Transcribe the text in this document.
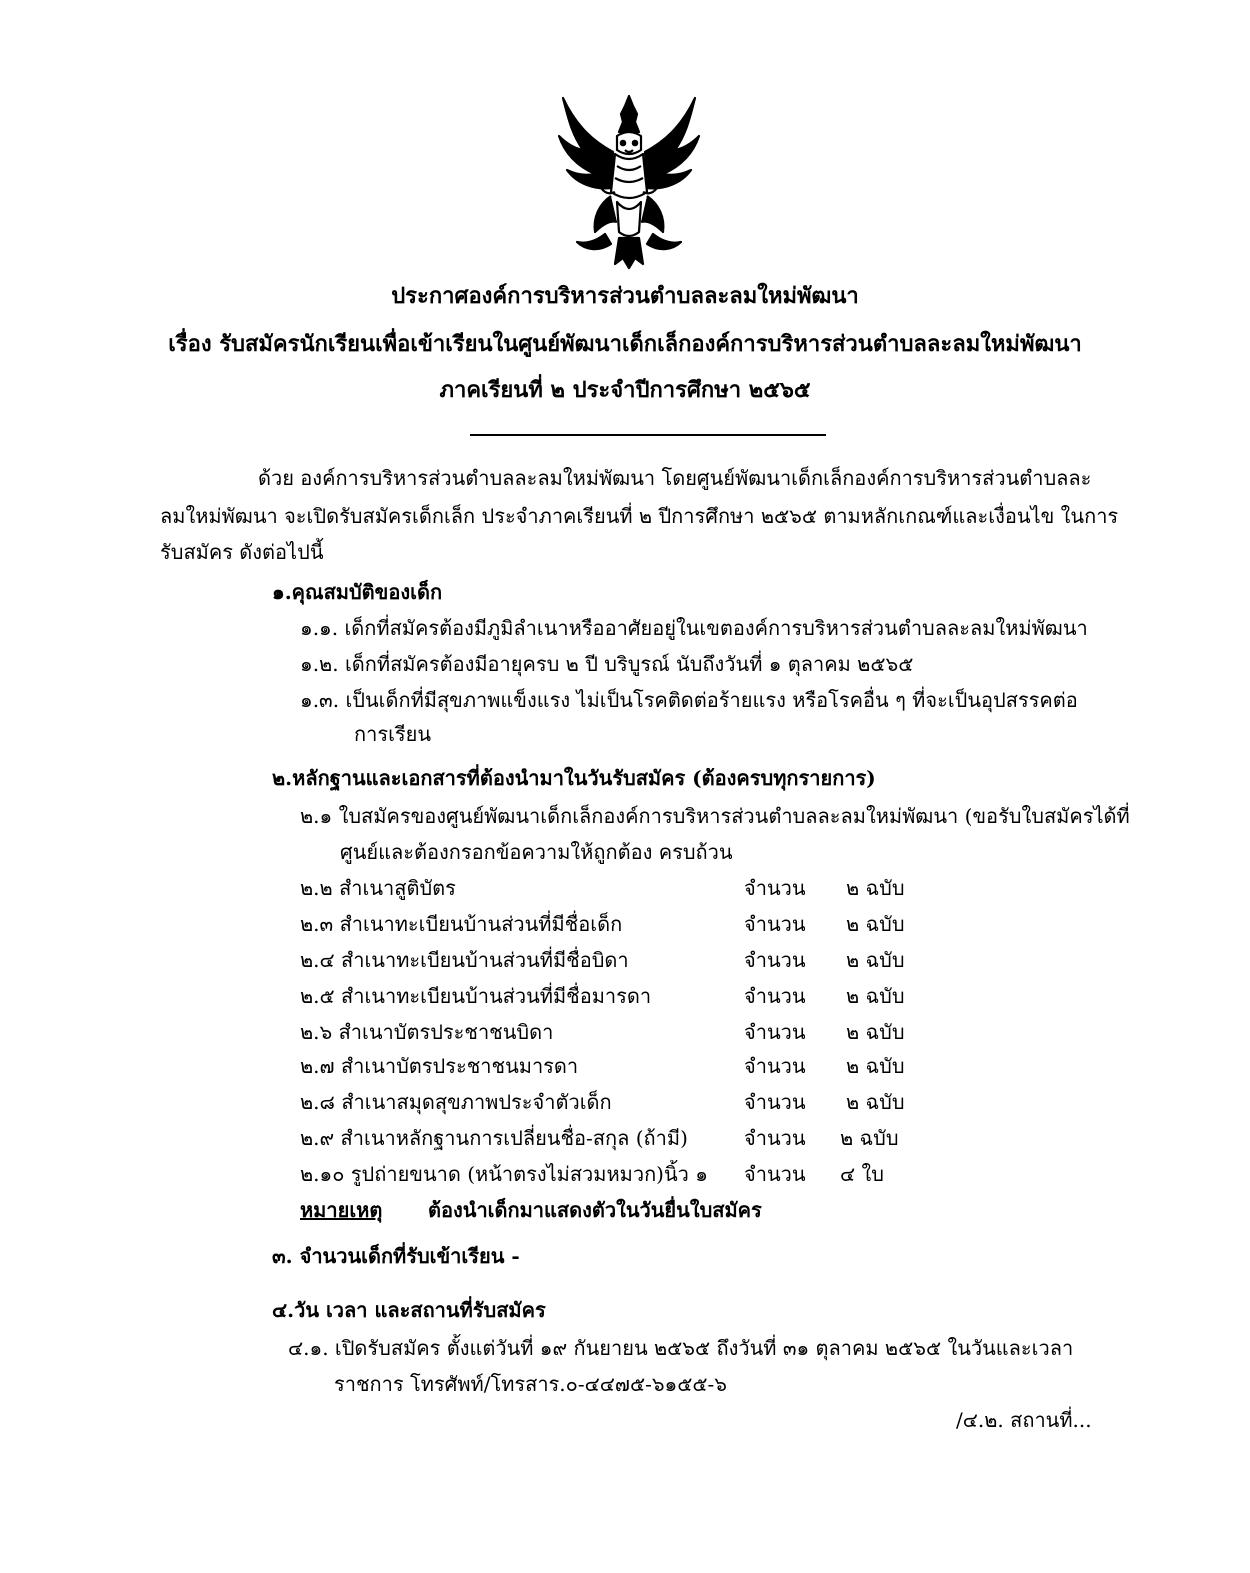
ประกาศองค์การบริหารส่วนตำบลละลมใหม่พัฒนา
เรื่อง รับสมัครนักเรียนเพื่อเข้าเรียนในศูนย์พัฒนาเด็กเล็กองค์การบริหารส่วนตำบลละลมใหม่พัฒนา
ภาคเรียนที่ ๒ ประจำปีการศึกษา ๒๕๖๕
ด้วย องค์การบริหารส่วนตำบลละลมใหม่พัฒนา โดยศูนย์พัฒนาเด็กเล็กองค์การบริหารส่วนตำบลละ
ลมใหม่พัฒนา จะเปิดรับสมัครเด็กเล็ก ประจำภาคเรียนที่ ๒ ปีการศึกษา ๒๕๖๕ ตามหลักเกณฑ์และเงื่อนไข ในการ
รับสมัคร ดังต่อไปนี้
๑.คุณสมบัติของเด็ก
๑.๑. เด็กที่สมัครต้องมีภูมิลำเนาหรืออาศัยอยู่ในเขตองค์การบริหารส่วนตำบลละลมใหม่พัฒนา
๑.๒. เด็กที่สมัครต้องมีอายุครบ ๒ ปี บริบูรณ์ นับถึงวันที่ ๑ ตุลาคม ๒๕๖๕
๑.๓. เป็นเด็กที่มีสุขภาพแข็งแรง ไม่เป็นโรคติดต่อร้ายแรง หรือโรคอื่น ๆ ที่จะเป็นอุปสรรคต่อ
การเรียน
๒.หลักฐานและเอกสารที่ต้องนำมาในวันรับสมัคร (ต้องครบทุกรายการ)
๒.๑ ใบสมัครของศูนย์พัฒนาเด็กเล็กองค์การบริหารส่วนตำบลละลมใหม่พัฒนา (ขอรับใบสมัครได้ที่
ศูนย์และต้องกรอกข้อความให้ถูกต้อง ครบถ้วน
๒.๒ สำเนาสูติบัตร	จำนวน ๒ ฉบับ
๒.๓ สำเนาทะเบียนบ้านส่วนที่มีชื่อเด็ก	จำนวน ๒ ฉบับ
๒.๔ สำเนาทะเบียนบ้านส่วนที่มีชื่อบิดา	จำนวน ๒ ฉบับ
๒.๕ สำเนาทะเบียนบ้านส่วนที่มีชื่อมารดา	จำนวน ๒ ฉบับ
๒.๖ สำเนาบัตรประชาชนบิดา	จำนวน ๒ ฉบับ
๒.๗ สำเนาบัตรประชาชนมารดา	จำนวน ๒ ฉบับ
๒.๘ สำเนาสมุดสุขภาพประจำตัวเด็ก	จำนวน ๒ ฉบับ
๒.๙ สำเนาหลักฐานการเปลี่ยนชื่อ-สกุล (ถ้ามี)	จำนวน ๒ ฉบับ
๒.๑๐ รูปถ่ายขนาด (หน้าตรงไม่สวมหมวก)นิ้ว ๑ จำนวน ๔ ใบ
หมายเหตุ ต้องนำเด็กมาแสดงตัวในวันยื่นใบสมัคร
๓. จำนวนเด็กที่รับเข้าเรียน -
๔.วัน เวลา และสถานที่รับสมัคร
๔.๑. เปิดรับสมัคร ตั้งแต่วันที่ ๑๙ กันยายน ๒๕๖๕ ถึงวันที่ ๓๑ ตุลาคม ๒๕๖๕ ในวันและเวลา
ราชการ โทรศัพท์/โทรสาร.๐-๔๔๗๕-๖๑๕๕-๖
/๔.๒. สถานที่...
